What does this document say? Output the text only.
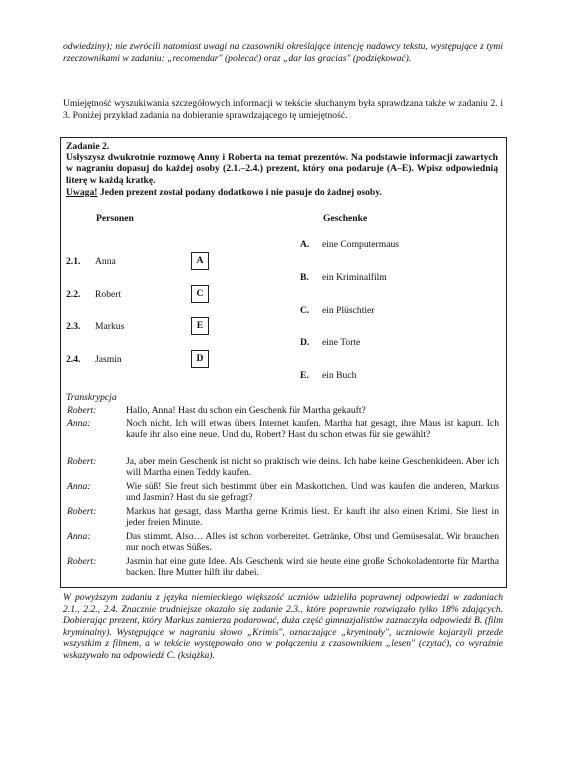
odwiedziny); nie zwrócili natomiast uwagi na czasowniki określające intencję nadawcy tekstu, występujące z tymi rzeczownikami w zadaniu: „recomendar" (polecać) oraz „dar las gracias" (podziękować).
Umiejętność wyszukiwania szczegółowych informacji w tekście słuchanym była sprawdzana także w zadaniu 2. i 3. Poniżej przykład zadania na dobieranie sprawdzającego tę umiejętność.
Zadanie 2.
Usłyszysz dwukrotnie rozmowę Anny i Roberta na temat prezentów. Na podstawie informacji zawartych w nagraniu dopasuj do każdej osoby (2.1.–2.4.) prezent, który ona podaruje (A–E). Wpisz odpowiednią literę w każdą kratkę.
Uwaga! Jeden prezent został podany dodatkowo i nie pasuje do żadnej osoby.
Personen	Geschenke
2.1. Anna	A
2.2. Robert	C
2.3. Markus	E
2.4. Jasmin	D
A. eine Computermaus
B. ein Kriminalfilm
C. ein Plüschtier
D. eine Torte
E. ein Buch
Transkrypcja
Robert:	Hallo, Anna! Hast du schon ein Geschenk für Martha gekauft?
Anna:	Noch nicht. Ich will etwas übers Internet kaufen. Martha hat gesagt, ihre Maus ist kaputt. Ich kaufe ihr also eine neue. Und du, Robert? Hast du schon etwas für sie gewählt?
Robert:	Ja, aber mein Geschenk ist nicht so praktisch wie deins. Ich habe keine Geschenkideen. Aber ich will Martha einen Teddy kaufen.
Anna:	Wie süß! Sie freut sich bestimmt über ein Maskottchen. Und was kaufen die anderen, Markus und Jasmin? Hast du sie gefragt?
Robert:	Markus hat gesagt, dass Martha gerne Krimis liest. Er kauft ihr also einen Krimi. Sie liest in jeder freien Minute.
Anna:	Das stimmt. Also… Alles ist schon vorbereitet. Getränke, Obst und Gemüsesalat. Wir brauchen nur noch etwas Süßes.
Robert:	Jasmin hat eine gute Idee. Als Geschenk wird sie heute eine große Schokoladentorte für Martha backen. Ihre Mutter hilft ihr dabei.
W powyższym zadaniu z języka niemieckiego większość uczniów udzieliła poprawnej odpowiedzi w zadaniach 2.1., 2.2., 2.4. Znacznie trudniejsze okazało się zadanie 2.3., które poprawnie rozwiązało tylko 18% zdających. Dobierając prezent, który Markus zamierza podarować, duża część gimnazjalistów zaznaczyła odpowiedź B. (film kryminalny). Występujące w nagraniu słowo „Krimis", oznaczające „kryminały", uczniowie kojarzyli przede wszystkim z filmem, a w tekście występowało ono w połączeniu z czasownikiem „lesen" (czytać), co wyraźnie wskazywało na odpowiedź C. (książka).
